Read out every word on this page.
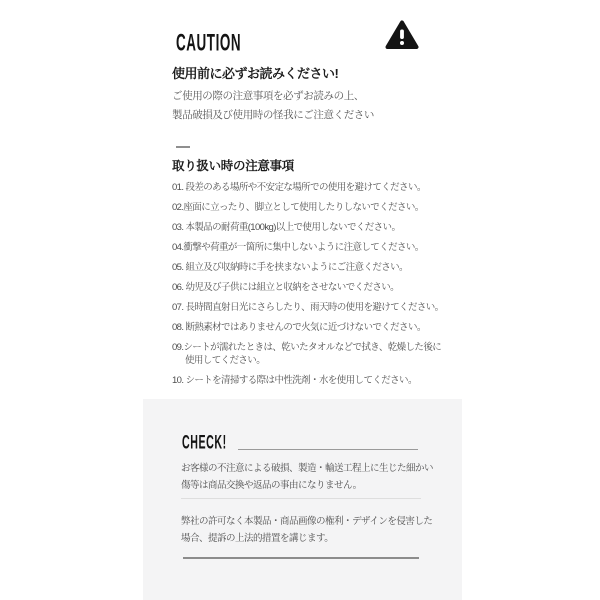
CAUTION
使用前に必ずお読みください!
ご使用の際の注意事項を必ずお読みの上、
製品破損及び使用時の怪我にご注意ください
取り扱い時の注意事項
01. 段差のある場所や不安定な場所での使用を避けてください。
02.座面に立ったり、脚立として使用したりしないでください。
03. 本製品の耐荷重(100kg)以上で使用しないでください。
04.衝撃や荷重が一箇所に集中しないように注意してください。
05. 組立及び収納時に手を挟まないようにご注意ください。
06. 幼児及び子供には組立と収納をさせないでください。
07. 長時間直射日光にさらしたり、雨天時の使用を避けてください。
08. 断熱素材ではありませんので火気に近づけないでください。
09.シートが濡れたときは、乾いたタオルなどで拭き、乾燥した後に
使用してください。
10. シートを清掃する際は中性洗剤・水を使用してください。
CHECK!
お客様の不注意による破損、製造・輸送工程上に生じた細かい
傷等は商品交換や返品の事由になりません。
弊社の許可なく本製品・商品画像の権利・デザインを侵害した
場合、提訴の上法的措置を講じます。
